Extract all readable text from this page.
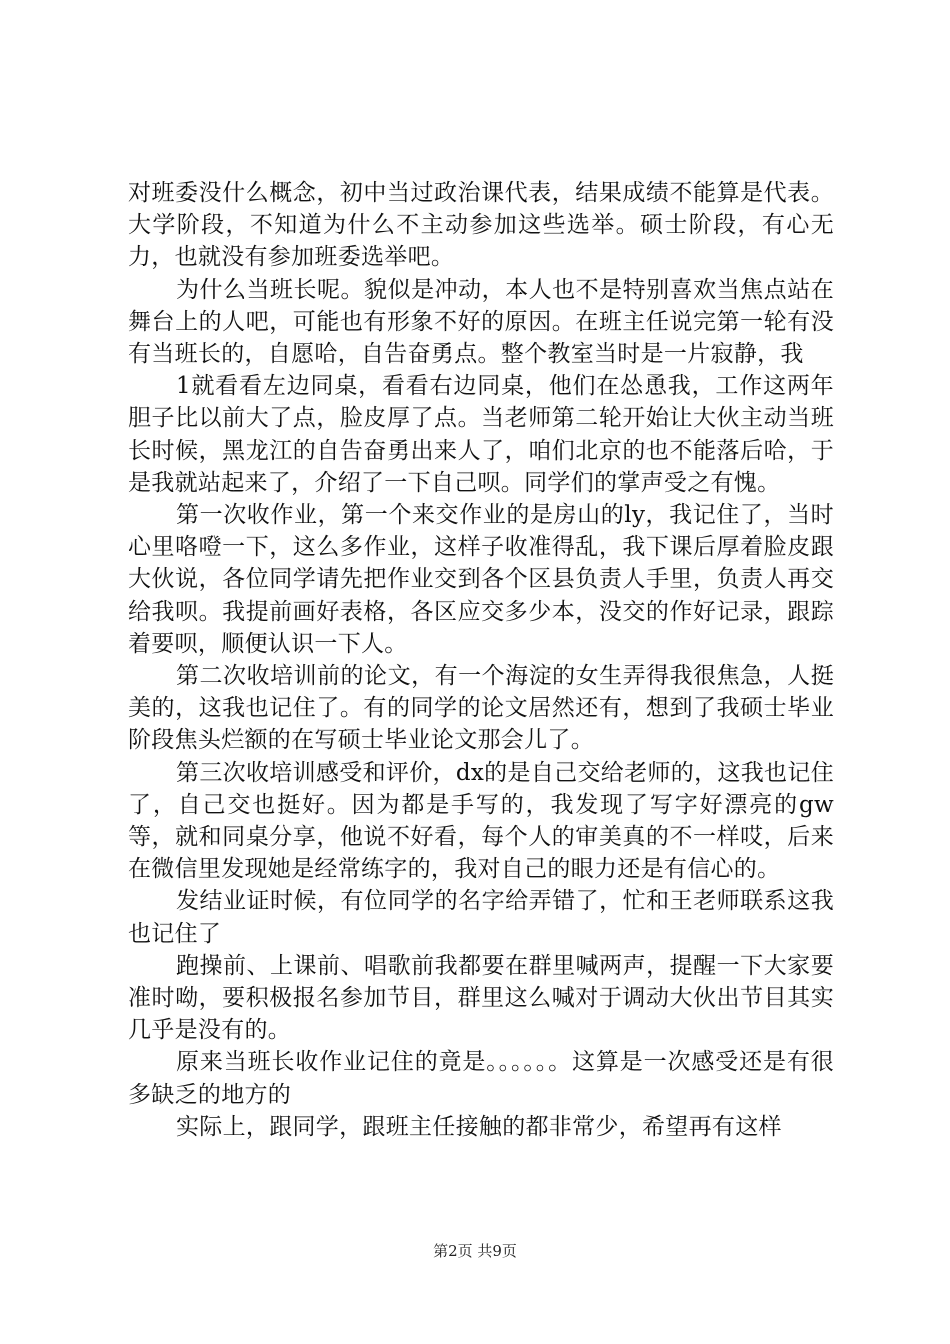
对班委没什么概念，初中当过政治课代表，结果成绩不能算是代表。大学阶段，不知道为什么不主动参加这些选举。硕士阶段，有心无力，也就没有参加班委选举吧。

为什么当班长呢。貌似是冲动，本人也不是特别喜欢当焦点站在舞台上的人吧，可能也有形象不好的原因。在班主任说完第一轮有没有当班长的，自愿哈，自告奋勇点。整个教室当时是一片寂静，我

1就看看左边同桌，看看右边同桌，他们在怂恿我，工作这两年胆子比以前大了点，脸皮厚了点。当老师第二轮开始让大伙主动当班长时候，黑龙江的自告奋勇出来人了，咱们北京的也不能落后哈，于是我就站起来了，介绍了一下自己呗。同学们的掌声受之有愧。

第一次收作业，第一个来交作业的是房山的ly，我记住了，当时心里咯噔一下，这么多作业，这样子收准得乱，我下课后厚着脸皮跟大伙说，各位同学请先把作业交到各个区县负责人手里，负责人再交给我呗。我提前画好表格，各区应交多少本，没交的作好记录，跟踪着要呗，顺便认识一下人。

第二次收培训前的论文，有一个海淀的女生弄得我很焦急，人挺美的，这我也记住了。有的同学的论文居然还有，想到了我硕士毕业阶段焦头烂额的在写硕士毕业论文那会儿了。

第三次收培训感受和评价，dx的是自己交给老师的，这我也记住了，自己交也挺好。因为都是手写的，我发现了写字好漂亮的gw等，就和同桌分享，他说不好看，每个人的审美真的不一样哎，后来在微信里发现她是经常练字的，我对自己的眼力还是有信心的。

发结业证时候，有位同学的名字给弄错了，忙和王老师联系这我也记住了

跑操前、上课前、唱歌前我都要在群里喊两声，提醒一下大家要准时呦，要积极报名参加节目，群里这么喊对于调动大伙出节目其实几乎是没有的。

原来当班长收作业记住的竟是。。。。。。这算是一次感受还是有很多缺乏的地方的

实际上，跟同学，跟班主任接触的都非常少，希望再有这样

第2页 共9页
